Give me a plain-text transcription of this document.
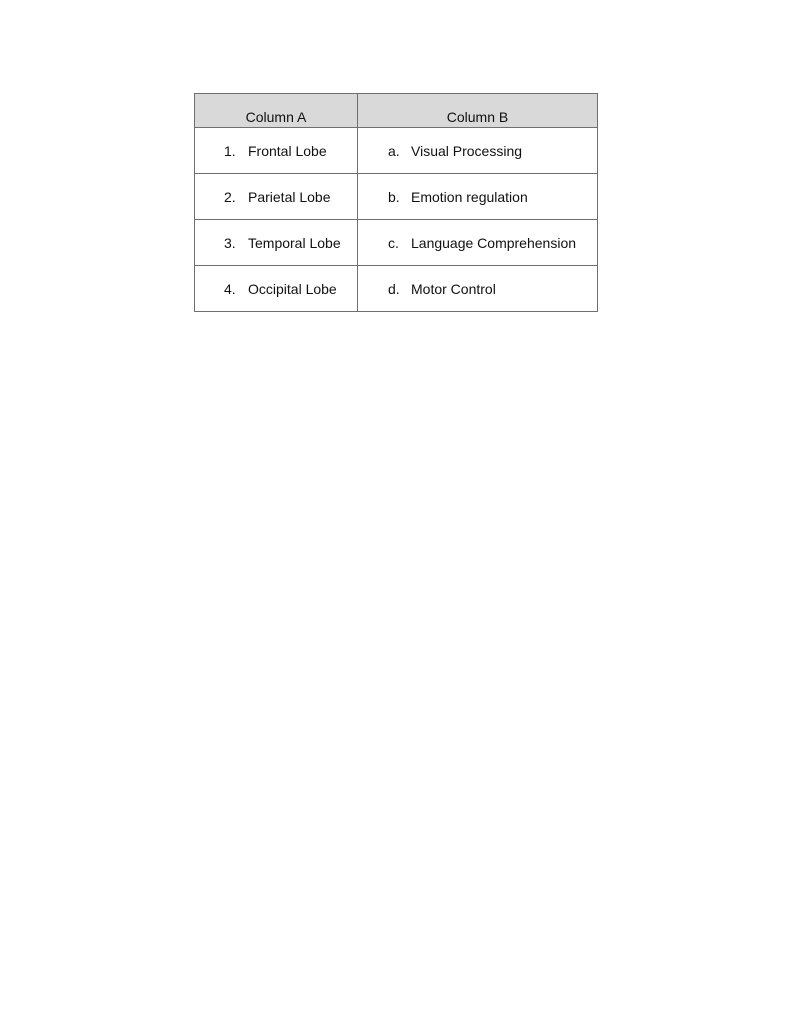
Column A	Column B

1. Frontal Lobe	a. Visual Processing

2. Parietal Lobe	b. Emotion regulation

3. Temporal Lobe	c. Language Comprehension

4. Occipital Lobe	d. Motor Control
